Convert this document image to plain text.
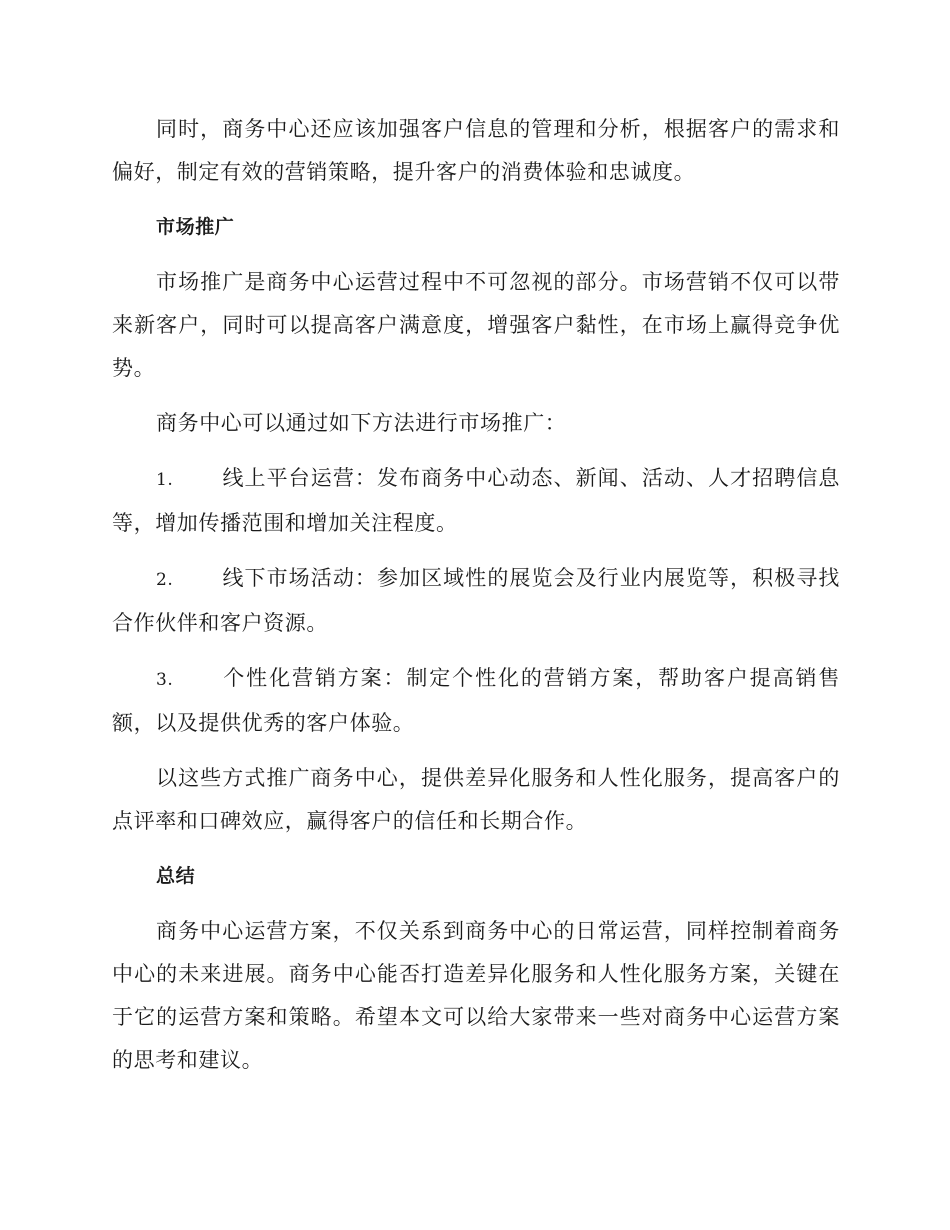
同时，商务中心还应该加强客户信息的管理和分析，根据客户的需求和偏好，制定有效的营销策略，提升客户的消费体验和忠诚度。

市场推广

市场推广是商务中心运营过程中不可忽视的部分。市场营销不仅可以带来新客户，同时可以提高客户满意度，增强客户黏性，在市场上赢得竞争优势。

商务中心可以通过如下方法进行市场推广：

1. 线上平台运营：发布商务中心动态、新闻、活动、人才招聘信息等，增加传播范围和增加关注程度。

2. 线下市场活动：参加区域性的展览会及行业内展览等，积极寻找合作伙伴和客户资源。

3. 个性化营销方案：制定个性化的营销方案，帮助客户提高销售额，以及提供优秀的客户体验。

以这些方式推广商务中心，提供差异化服务和人性化服务，提高客户的点评率和口碑效应，赢得客户的信任和长期合作。

总结

商务中心运营方案，不仅关系到商务中心的日常运营，同样控制着商务中心的未来进展。商务中心能否打造差异化服务和人性化服务方案，关键在于它的运营方案和策略。希望本文可以给大家带来一些对商务中心运营方案的思考和建议。
